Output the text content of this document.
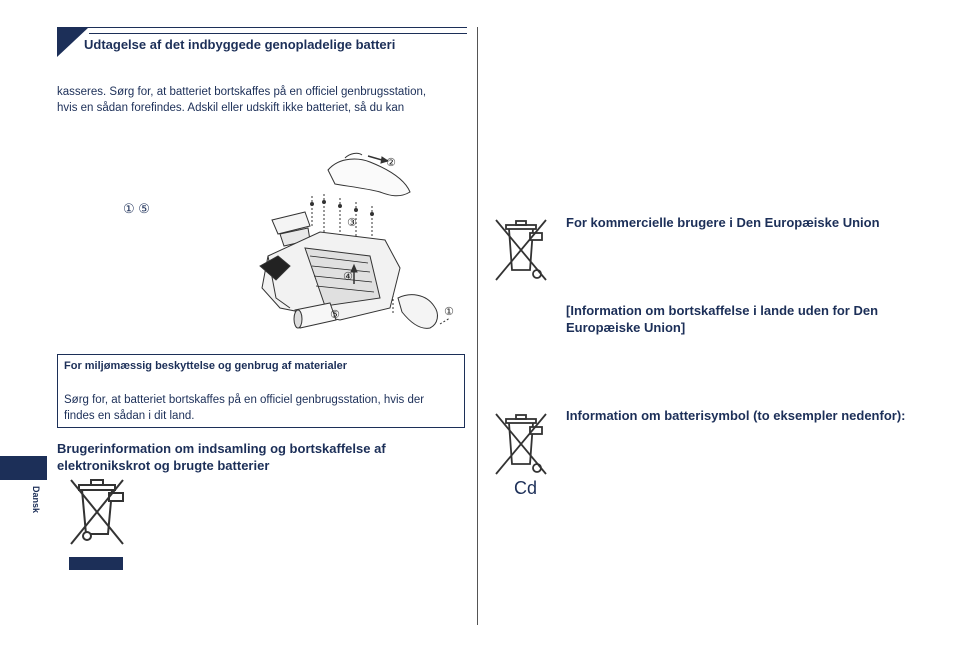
Udtagelse af det indbyggede genopladelige batteri
kasseres. Sørg for, at batteriet bortskaffes på en officiel genbrugsstation,
hvis en sådan forefindes. Adskil eller udskift ikke batteriet, så du kan
① ⑤
①
②
③
④
⑤
For miljømæssig beskyttelse og genbrug af materialer
Sørg for, at batteriet bortskaffes på en officiel genbrugsstation, hvis der
findes en sådan i dit land.
Brugerinformation om indsamling og bortskaffelse af elektronikskrot og brugte batterier
Dansk
For kommercielle brugere i Den Europæiske Union
[Information om bortskaffelse i lande uden for Den Europæiske Union]
Cd
Information om batterisymbol (to eksempler nedenfor):
